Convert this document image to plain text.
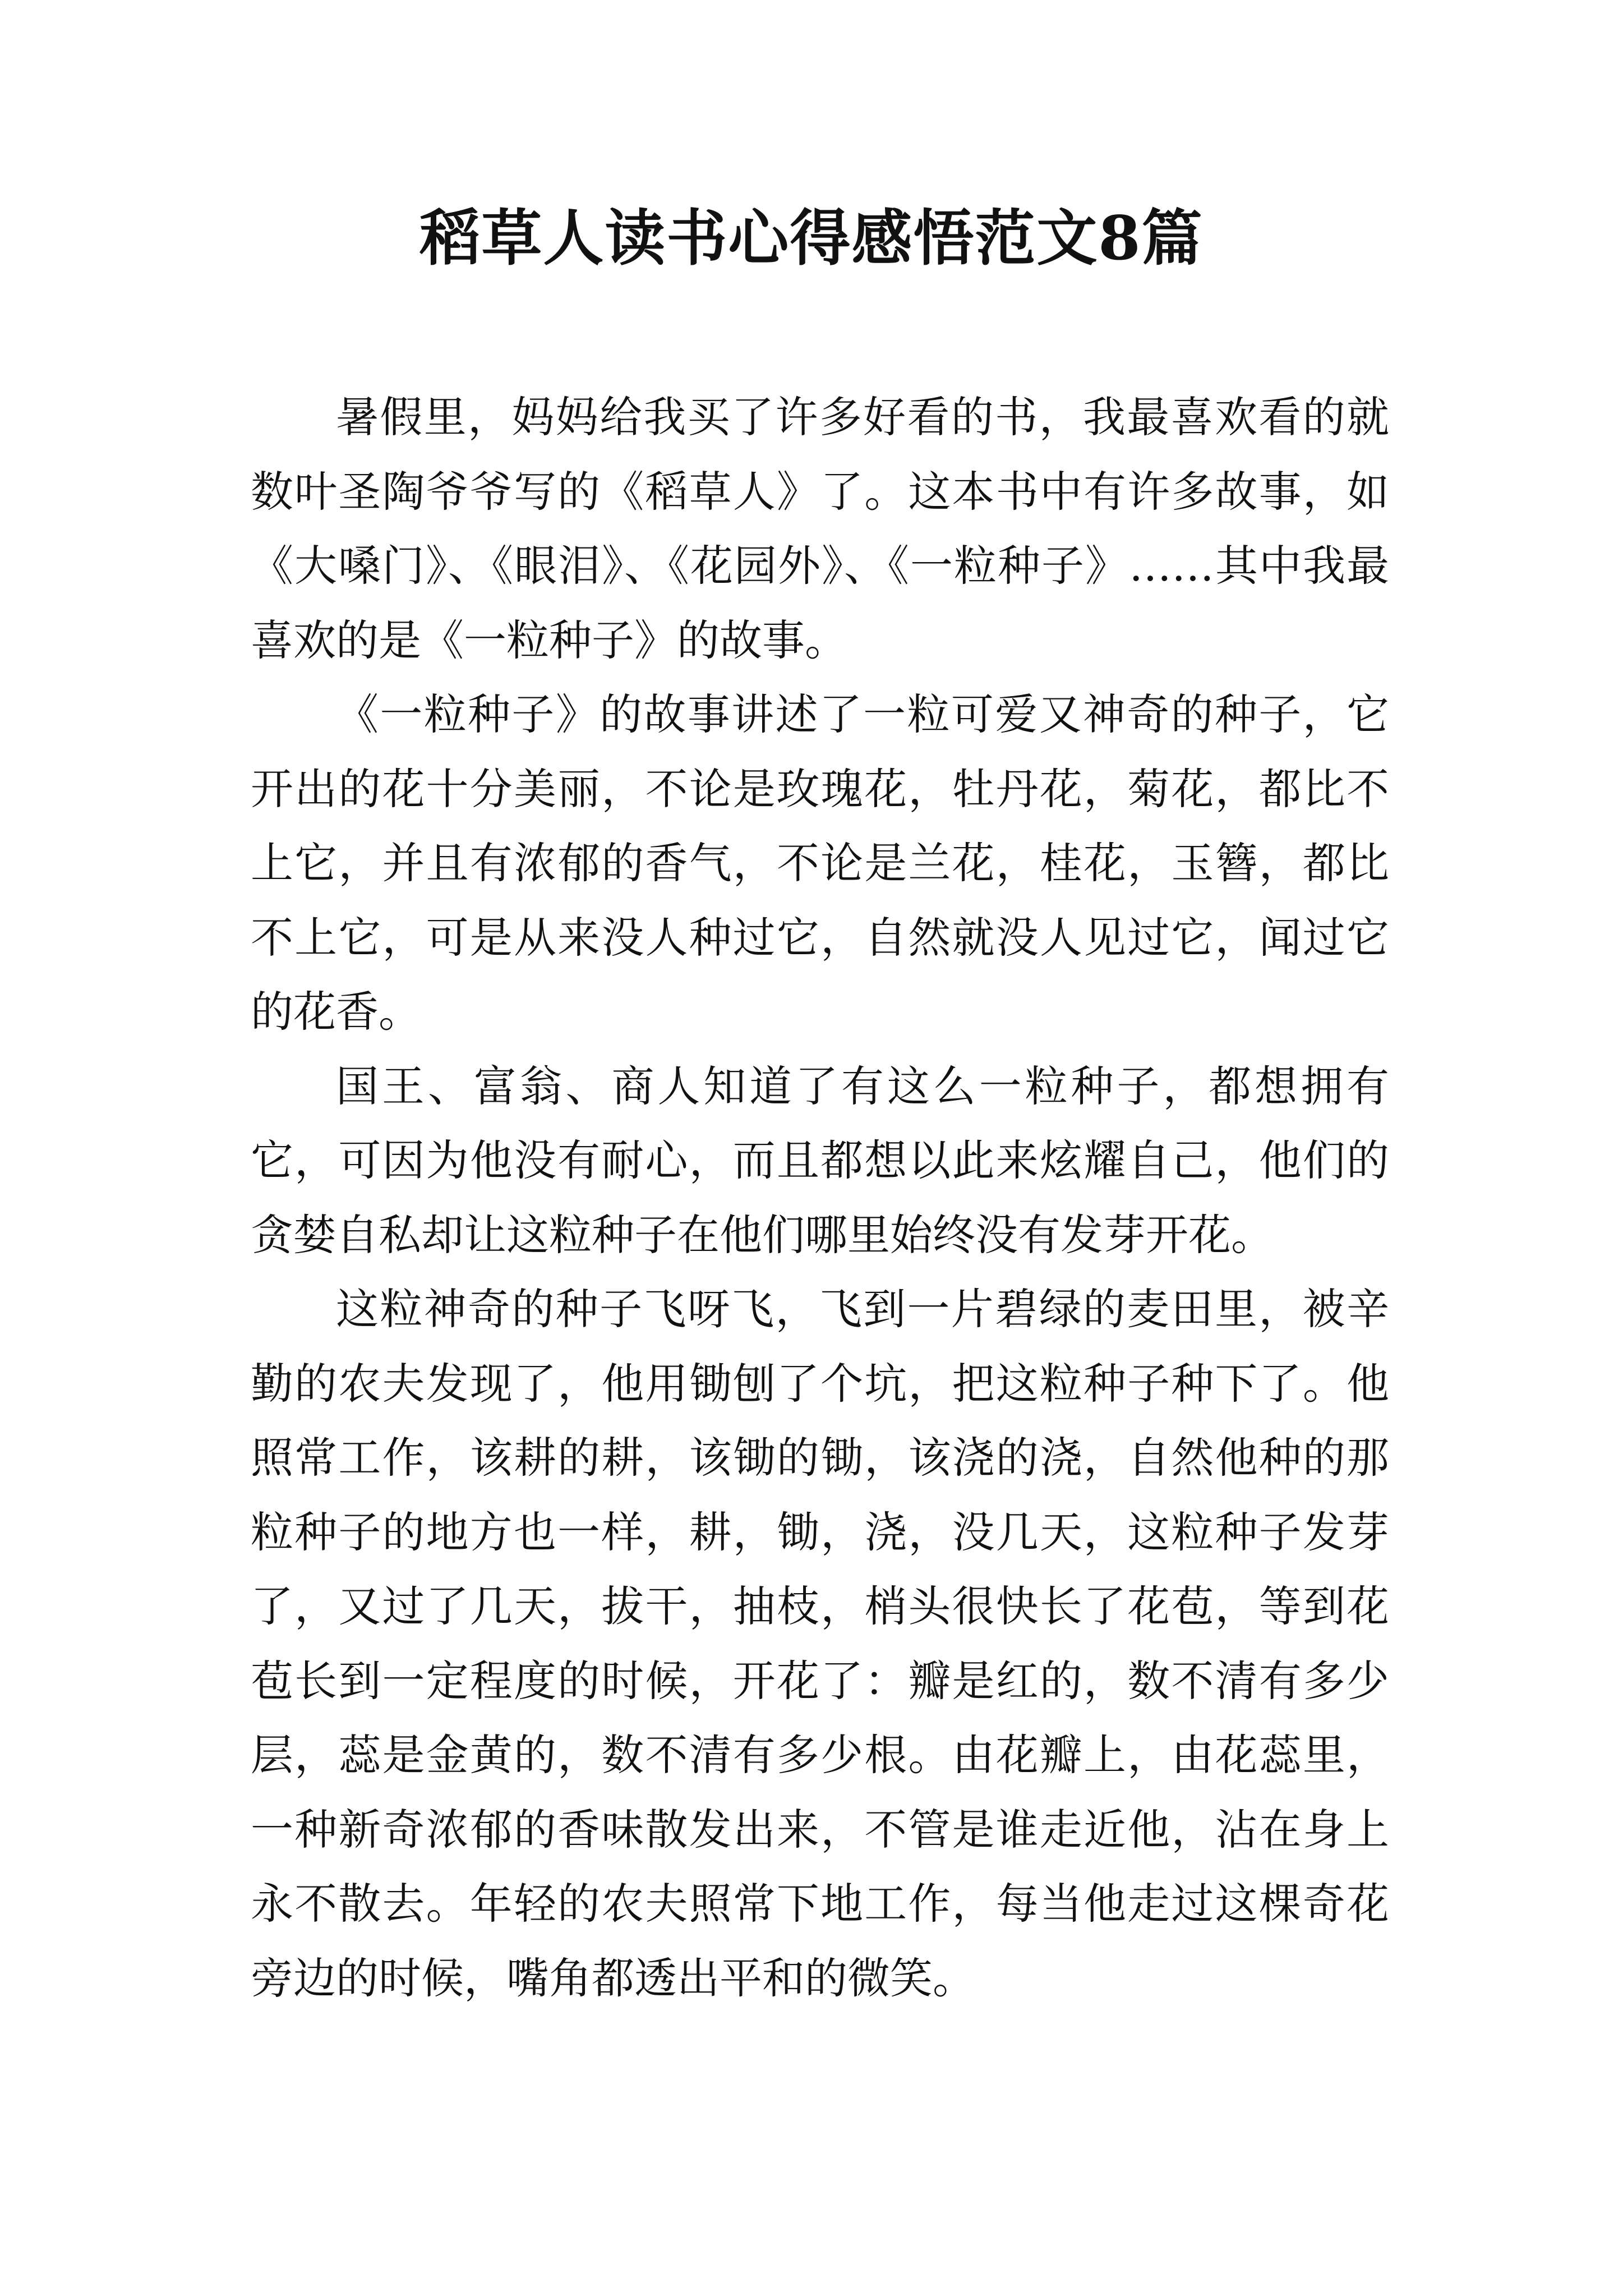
稻草人读书心得感悟范文8篇

暑假里，妈妈给我买了许多好看的书，我最喜欢看的就数叶圣陶爷爷写的《稻草人》了。这本书中有许多故事，如《大嗓门》、《眼泪》、《花园外》、《一粒种子》……其中我最喜欢的是《一粒种子》的故事。

《一粒种子》的故事讲述了一粒可爱又神奇的种子，它开出的花十分美丽，不论是玫瑰花，牡丹花，菊花，都比不上它，并且有浓郁的香气，不论是兰花，桂花，玉簪，都比不上它，可是从来没人种过它，自然就没人见过它，闻过它的花香。

国王、富翁、商人知道了有这么一粒种子，都想拥有它，可因为他没有耐心，而且都想以此来炫耀自己，他们的贪婪自私却让这粒种子在他们哪里始终没有发芽开花。

这粒神奇的种子飞呀飞，飞到一片碧绿的麦田里，被辛勤的农夫发现了，他用锄刨了个坑，把这粒种子种下了。他照常工作，该耕的耕，该锄的锄，该浇的浇，自然他种的那粒种子的地方也一样，耕，锄，浇，没几天，这粒种子发芽了，又过了几天，拔干，抽枝，梢头很快长了花苞，等到花苞长到一定程度的时候，开花了：瓣是红的，数不清有多少层，蕊是金黄的，数不清有多少根。由花瓣上，由花蕊里，一种新奇浓郁的香味散发出来，不管是谁走近他，沾在身上永不散去。年轻的农夫照常下地工作，每当他走过这棵奇花旁边的时候，嘴角都透出平和的微笑。
